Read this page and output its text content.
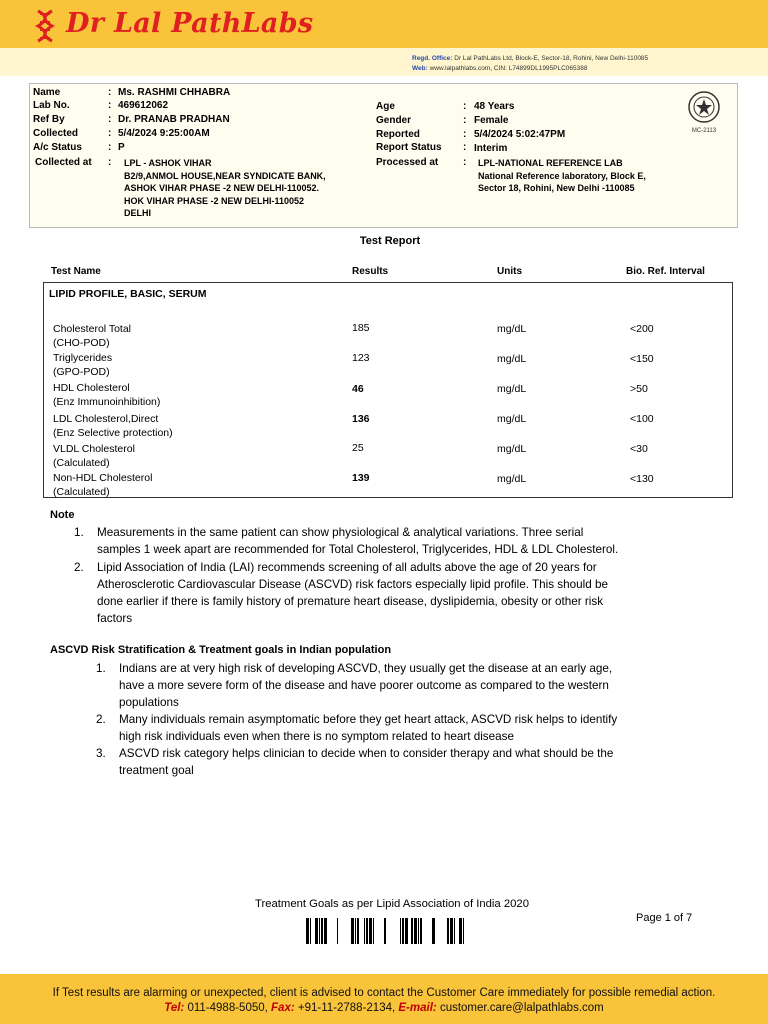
Dr Lal PathLabs
Regd. Office: Dr Lal PathLabs Ltd, Block-E, Sector-18, Rohini, New Delhi-110085
Web: www.lalpathlabs.com, CIN: L74899DL1995PLC065388
Name	: Ms. RASHMI CHHABRA
Lab No.	: 469612062
Ref By	: Dr. PRANAB PRADHAN
Collected	: 5/4/2024 9:25:00AM
A/c Status	: P
Collected at : LPL - ASHOK VIHAR
B2/9,ANMOL HOUSE,NEAR SYNDICATE BANK,
ASHOK VIHAR PHASE -2 NEW DELHI-110052.
HOK VIHAR PHASE -2 NEW DELHI-110052
DELHI
Age	: 48 Years
Gender	: Female
Reported	: 5/4/2024 5:02:47PM
Report Status : Interim
Processed at : LPL-NATIONAL REFERENCE LAB
National Reference laboratory, Block E,
Sector 18, Rohini, New Delhi -110085
MC-2113
Test Report
Test Name	Results	Units	Bio. Ref. Interval
LIPID PROFILE, BASIC, SERUM
Cholesterol Total
(CHO-POD)
185	mg/dL	<200
Triglycerides
(GPO-POD)
123	mg/dL	<150
HDL Cholesterol
(Enz Immunoinhibition)
46	mg/dL	>50
LDL Cholesterol,Direct
(Enz Selective protection)
136	mg/dL	<100
VLDL Cholesterol
(Calculated)
25	mg/dL	<30
Non-HDL Cholesterol
(Calculated)
139	mg/dL	<130
Note
1. Measurements in the same patient can show physiological & analytical variations. Three serial
samples 1 week apart are recommended for Total Cholesterol, Triglycerides, HDL & LDL Cholesterol.
2. Lipid Association of India (LAI) recommends screening of all adults above the age of 20 years for
Atherosclerotic Cardiovascular Disease (ASCVD) risk factors especially lipid profile. This should be
done earlier if there is family history of premature heart disease, dyslipidemia, obesity or other risk
factors
ASCVD Risk Stratification & Treatment goals in Indian population
1. Indians are at very high risk of developing ASCVD, they usually get the disease at an early age,
have a more severe form of the disease and have poorer outcome as compared to the western
populations
2. Many individuals remain asymptomatic before they get heart attack, ASCVD risk helps to identify
high risk individuals even when there is no symptom related to heart disease
3. ASCVD risk category helps clinician to decide when to consider therapy and what should be the
treatment goal
Treatment Goals as per Lipid Association of India 2020
Page 1 of 7
If Test results are alarming or unexpected, client is advised to contact the Customer Care immediately for possible remedial action.
Tel: 011-4988-5050, Fax: +91-11-2788-2134, E-mail: customer.care@lalpathlabs.com
